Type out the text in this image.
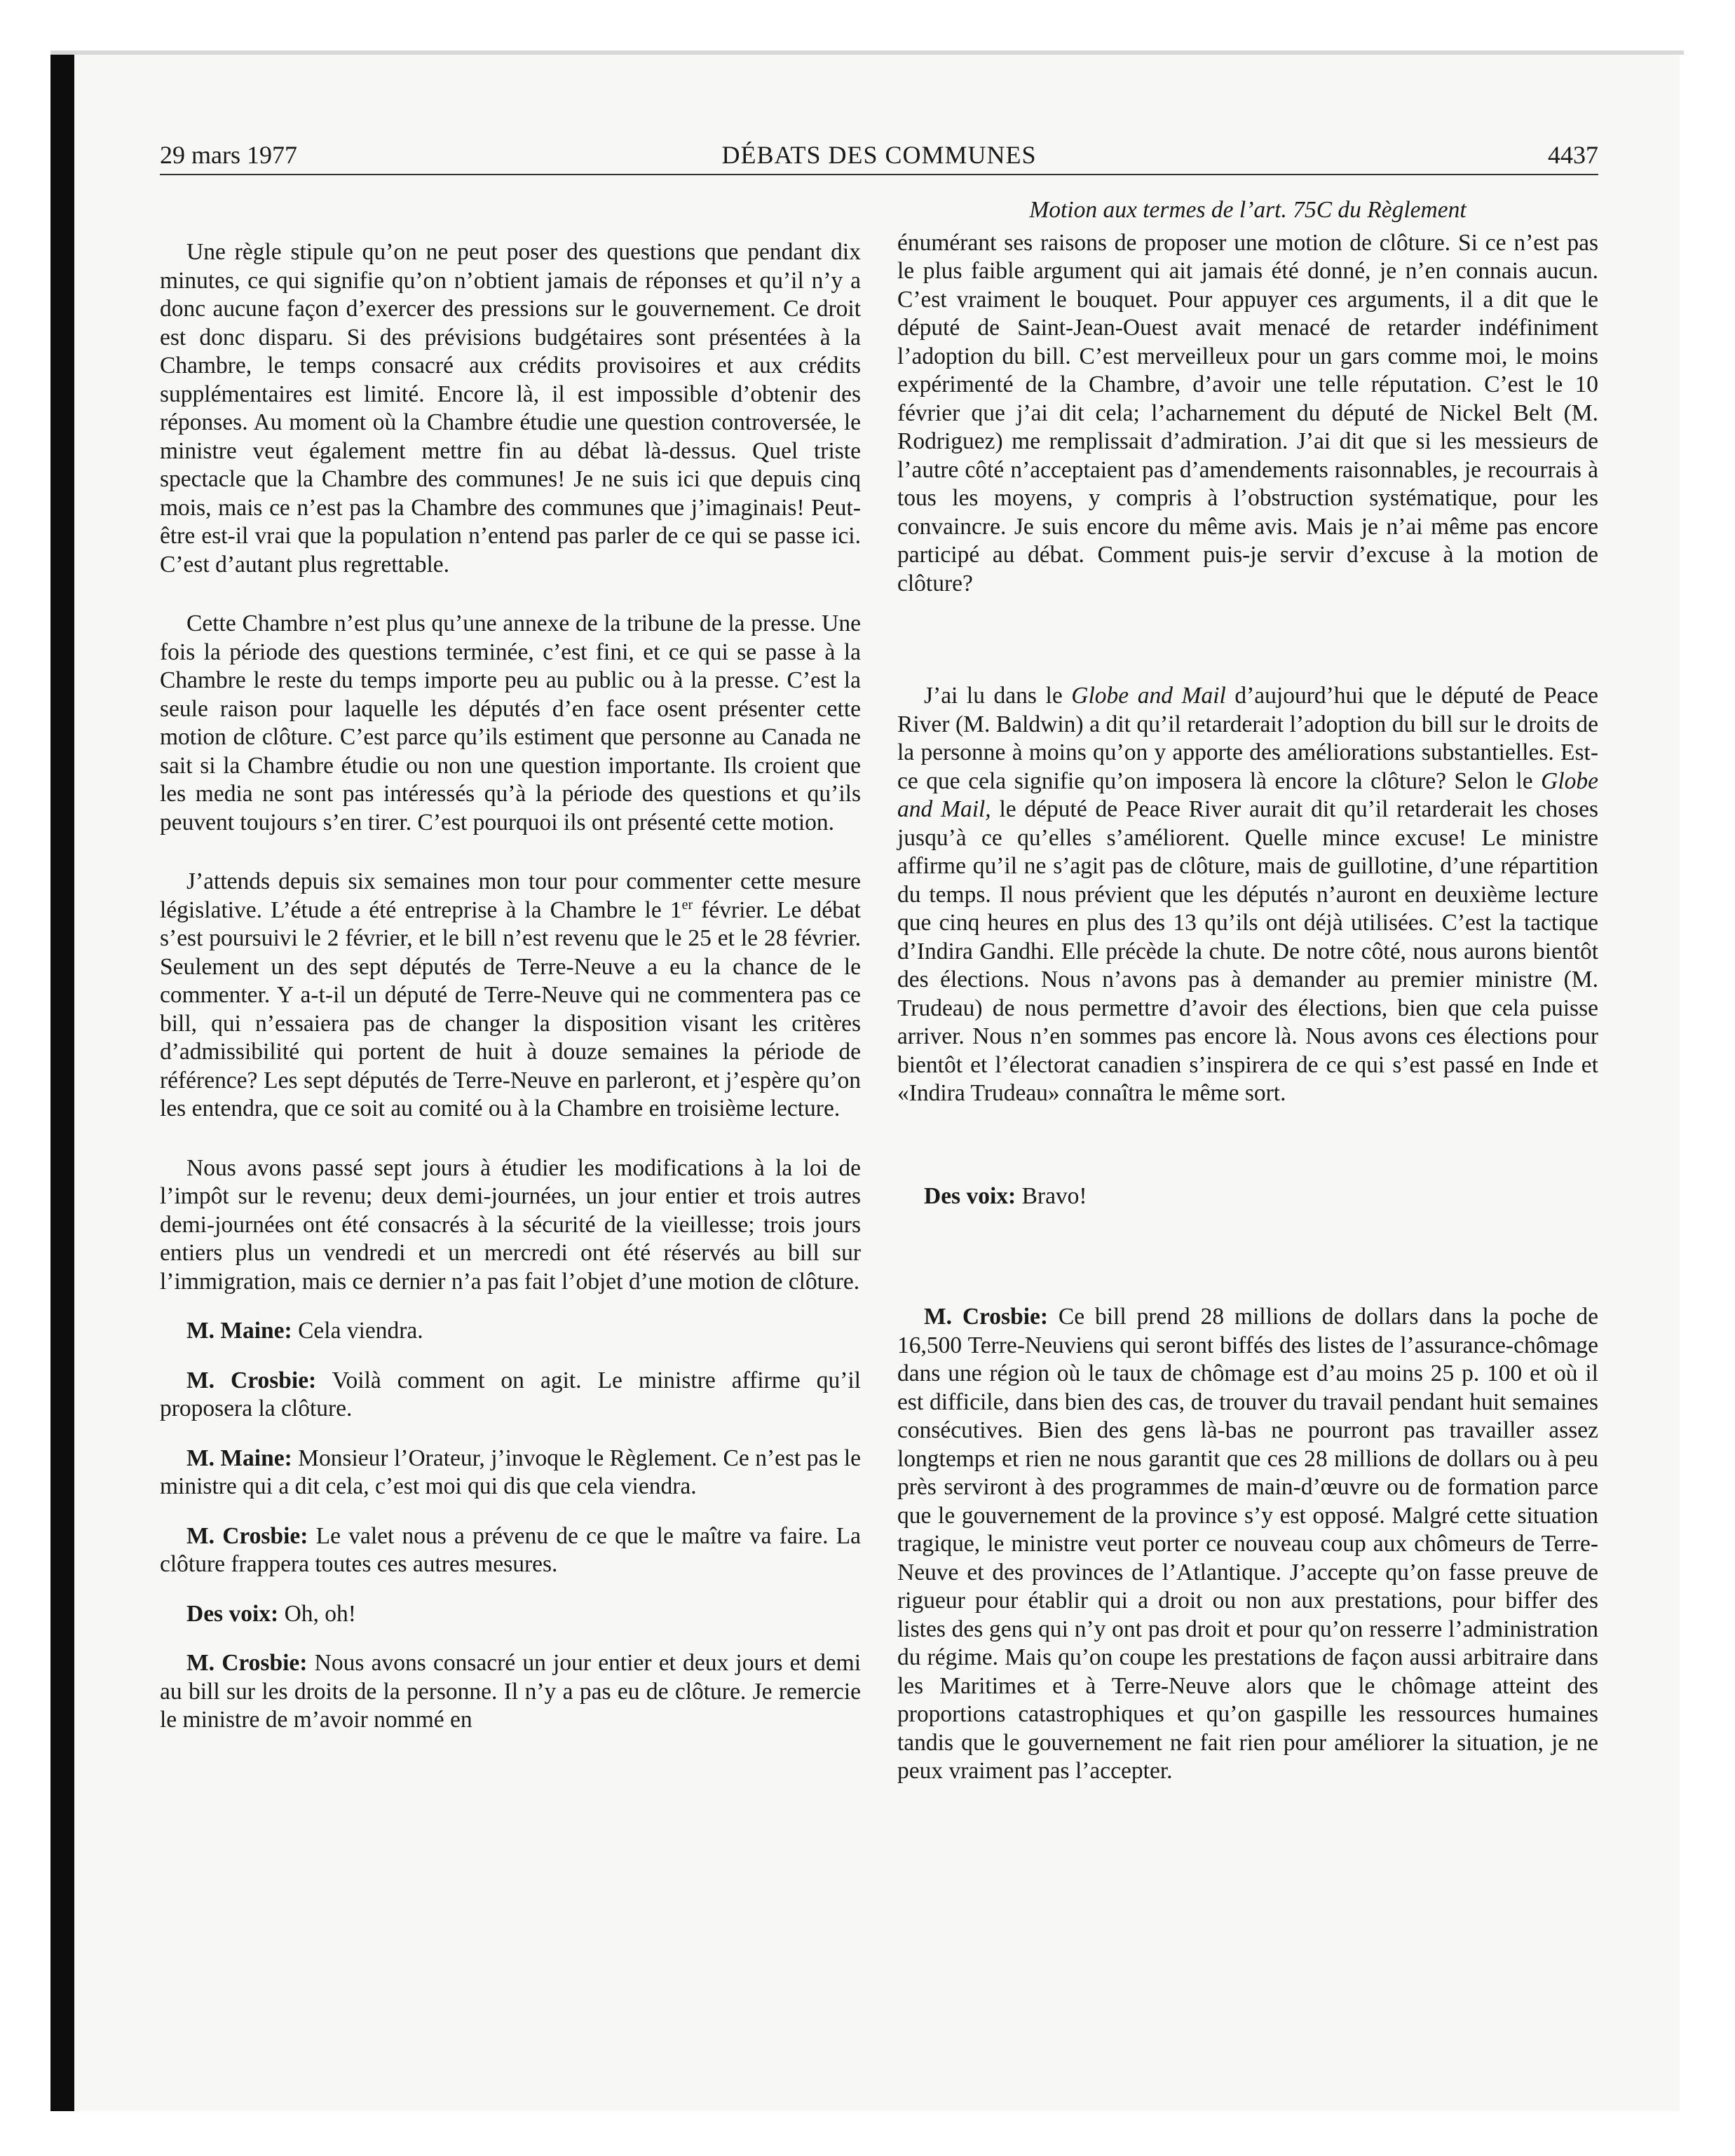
29 mars 1977	DÉBATS DES COMMUNES	4437

Une règle stipule qu’on ne peut poser des questions que pendant dix minutes, ce qui signifie qu’on n’obtient jamais de réponses et qu’il n’y a donc aucune façon d’exercer des pressions sur le gouvernement. Ce droit est donc disparu. Si des prévisions budgétaires sont présentées à la Chambre, le temps consacré aux crédits provisoires et aux crédits supplémentaires est limité. Encore là, il est impossible d’obtenir des réponses. Au moment où la Chambre étudie une question controversée, le ministre veut également mettre fin au débat là-dessus. Quel triste spectacle que la Chambre des communes! Je ne suis ici que depuis cinq mois, mais ce n’est pas la Chambre des communes que j’imaginais! Peut-être est-il vrai que la population n’entend pas parler de ce qui se passe ici. C’est d’autant plus regrettable.

Cette Chambre n’est plus qu’une annexe de la tribune de la presse. Une fois la période des questions terminée, c’est fini, et ce qui se passe à la Chambre le reste du temps importe peu au public ou à la presse. C’est la seule raison pour laquelle les députés d’en face osent présenter cette motion de clôture. C’est parce qu’ils estiment que personne au Canada ne sait si la Chambre étudie ou non une question importante. Ils croient que les media ne sont pas intéressés qu’à la période des questions et qu’ils peuvent toujours s’en tirer. C’est pourquoi ils ont présenté cette motion.

J’attends depuis six semaines mon tour pour commenter cette mesure législative. L’étude a été entreprise à la Chambre le 1er février. Le débat s’est poursuivi le 2 février, et le bill n’est revenu que le 25 et le 28 février. Seulement un des sept députés de Terre-Neuve a eu la chance de le commenter. Y a-t-il un député de Terre-Neuve qui ne commentera pas ce bill, qui n’essaiera pas de changer la disposition visant les critères d’admissibilité qui portent de huit à douze semaines la période de référence? Les sept députés de Terre-Neuve en parleront, et j’espère qu’on les entendra, que ce soit au comité ou à la Chambre en troisième lecture.

Nous avons passé sept jours à étudier les modifications à la loi de l’impôt sur le revenu; deux demi-journées, un jour entier et trois autres demi-journées ont été consacrés à la sécurité de la vieillesse; trois jours entiers plus un vendredi et un mercredi ont été réservés au bill sur l’immigration, mais ce dernier n’a pas fait l’objet d’une motion de clôture.

M. Maine: Cela viendra.

M. Crosbie: Voilà comment on agit. Le ministre affirme qu’il proposera la clôture.

M. Maine: Monsieur l’Orateur, j’invoque le Règlement. Ce n’est pas le ministre qui a dit cela, c’est moi qui dis que cela viendra.

M. Crosbie: Le valet nous a prévenu de ce que le maître va faire. La clôture frappera toutes ces autres mesures.

Des voix: Oh, oh!

M. Crosbie: Nous avons consacré un jour entier et deux jours et demi au bill sur les droits de la personne. Il n’y a pas eu de clôture. Je remercie le ministre de m’avoir nommé en

Motion aux termes de l’art. 75C du Règlement

énumérant ses raisons de proposer une motion de clôture. Si ce n’est pas le plus faible argument qui ait jamais été donné, je n’en connais aucun. C’est vraiment le bouquet. Pour appuyer ces arguments, il a dit que le député de Saint-Jean-Ouest avait menacé de retarder indéfiniment l’adoption du bill. C’est merveilleux pour un gars comme moi, le moins expérimenté de la Chambre, d’avoir une telle réputation. C’est le 10 février que j’ai dit cela; l’acharnement du député de Nickel Belt (M. Rodriguez) me remplissait d’admiration. J’ai dit que si les messieurs de l’autre côté n’acceptaient pas d’amendements raisonnables, je recourrais à tous les moyens, y compris à l’obstruction systématique, pour les convaincre. Je suis encore du même avis. Mais je n’ai même pas encore participé au débat. Comment puis-je servir d’excuse à la motion de clôture?

J’ai lu dans le Globe and Mail d’aujourd’hui que le député de Peace River (M. Baldwin) a dit qu’il retarderait l’adoption du bill sur le droits de la personne à moins qu’on y apporte des améliorations substantielles. Est-ce que cela signifie qu’on imposera là encore la clôture? Selon le Globe and Mail, le député de Peace River aurait dit qu’il retarderait les choses jusqu’à ce qu’elles s’améliorent. Quelle mince excuse! Le ministre affirme qu’il ne s’agit pas de clôture, mais de guillotine, d’une répartition du temps. Il nous prévient que les députés n’auront en deuxième lecture que cinq heures en plus des 13 qu’ils ont déjà utilisées. C’est la tactique d’Indira Gandhi. Elle précède la chute. De notre côté, nous aurons bientôt des élections. Nous n’avons pas à demander au premier ministre (M. Trudeau) de nous permettre d’avoir des élections, bien que cela puisse arriver. Nous n’en sommes pas encore là. Nous avons ces élections pour bientôt et l’électorat canadien s’inspirera de ce qui s’est passé en Inde et «Indira Trudeau» connaîtra le même sort.

Des voix: Bravo!

M. Crosbie: Ce bill prend 28 millions de dollars dans la poche de 16,500 Terre-Neuviens qui seront biffés des listes de l’assurance-chômage dans une région où le taux de chômage est d’au moins 25 p. 100 et où il est difficile, dans bien des cas, de trouver du travail pendant huit semaines consécutives. Bien des gens là-bas ne pourront pas travailler assez longtemps et rien ne nous garantit que ces 28 millions de dollars ou à peu près serviront à des programmes de main-d’œuvre ou de formation parce que le gouvernement de la province s’y est opposé. Malgré cette situation tragique, le ministre veut porter ce nouveau coup aux chômeurs de Terre-Neuve et des provinces de l’Atlantique. J’accepte qu’on fasse preuve de rigueur pour établir qui a droit ou non aux prestations, pour biffer des listes des gens qui n’y ont pas droit et pour qu’on resserre l’administration du régime. Mais qu’on coupe les prestations de façon aussi arbitraire dans les Maritimes et à Terre-Neuve alors que le chômage atteint des proportions catastrophiques et qu’on gaspille les ressources humaines tandis que le gouvernement ne fait rien pour améliorer la situation, je ne peux vraiment pas l’accepter.
